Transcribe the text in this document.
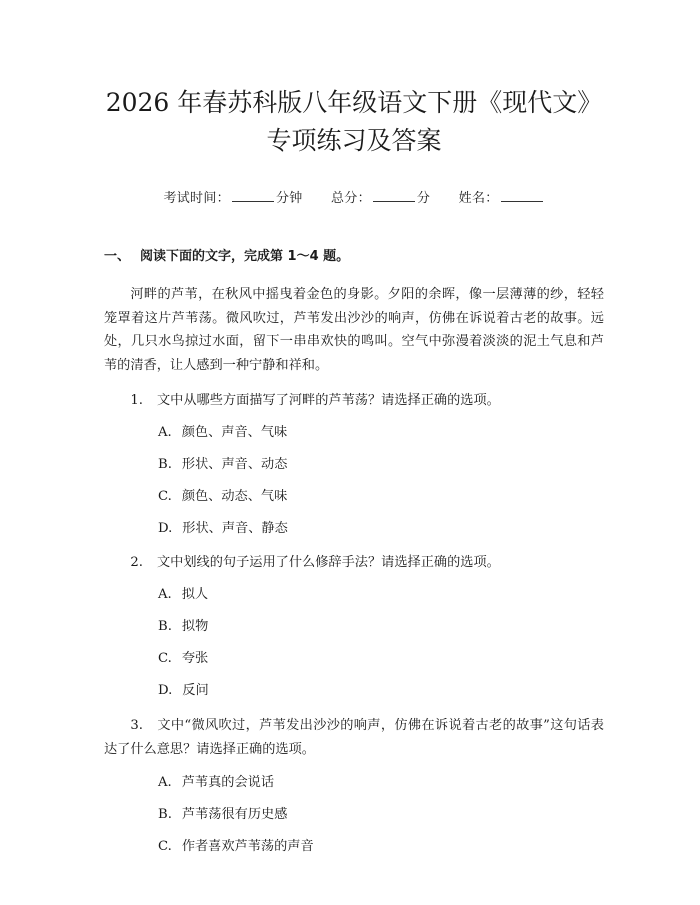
2026 年春苏科版八年级语文下册《现代文》
专项练习及答案
考试时间：	分钟 总分：	分 姓名：
一、 阅读下面的文字，完成第 1～4 题。

河畔的芦苇，在秋风中摇曳着金色的身影。夕阳的余晖，像一层薄薄的纱，轻轻笼罩着这片芦苇荡。微风吹过，芦苇发出沙沙的响声，仿佛在诉说着古老的故事。远处，几只水鸟掠过水面，留下一串串欢快的鸣叫。空气中弥漫着淡淡的泥土气息和芦苇的清香，让人感到一种宁静和祥和。

1. 文中从哪些方面描写了河畔的芦苇荡？请选择正确的选项。
A. 颜色、声音、气味
B. 形状、声音、动态
C. 颜色、动态、气味
D. 形状、声音、静态
2. 文中划线的句子运用了什么修辞手法？请选择正确的选项。
A. 拟人
B. 拟物
C. 夸张
D. 反问
3. 文中“微风吹过，芦苇发出沙沙的响声，仿佛在诉说着古老的故事”这句话表达了什么意思？请选择正确的选项。
A. 芦苇真的会说话
B. 芦苇荡很有历史感
C. 作者喜欢芦苇荡的声音
